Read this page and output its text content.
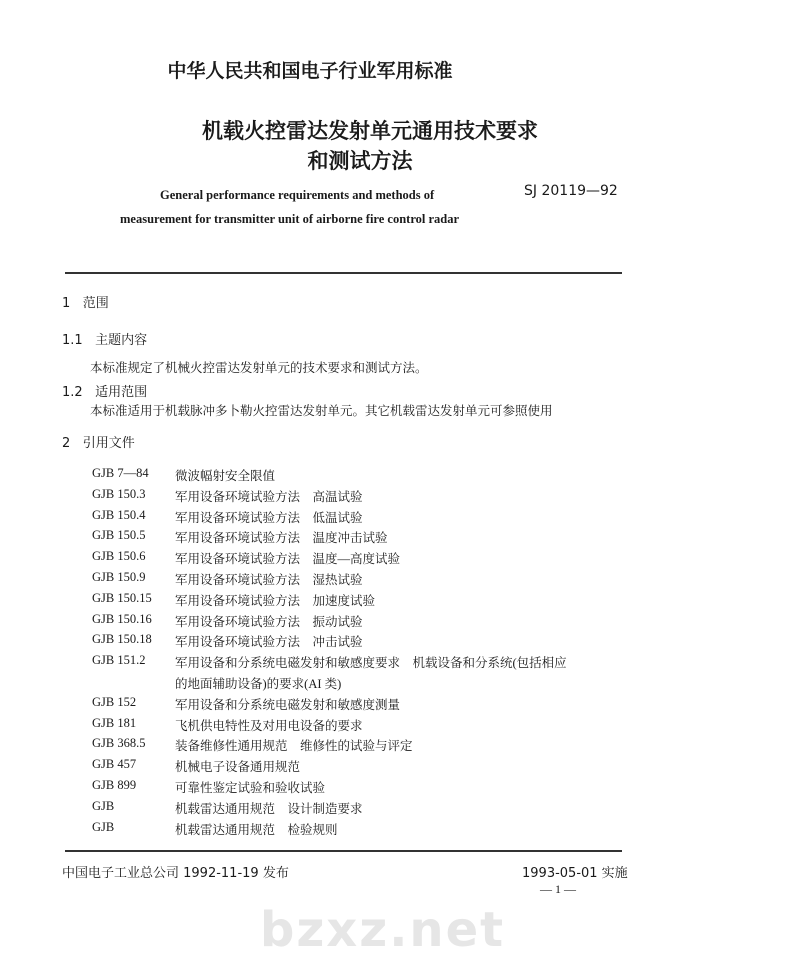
中华人民共和国电子行业军用标准
机载火控雷达发射单元通用技术要求
和测试方法
General performance requirements and methods of
measurement for transmitter unit of airborne fire control radar
SJ 20119—92
1 范围
1.1 主题内容
本标准规定了机械火控雷达发射单元的技术要求和测试方法。
1.2 适用范围
本标准适用于机载脉冲多卜勒火控雷达发射单元。其它机载雷达发射单元可参照使用
2 引用文件
GJB 7—84 微波幅射安全限值
GJB 150.3 军用设备环境试验方法　高温试验
GJB 150.4 军用设备环境试验方法　低温试验
GJB 150.5 军用设备环境试验方法　温度冲击试验
GJB 150.6 军用设备环境试验方法　温度—高度试验
GJB 150.9 军用设备环境试验方法　湿热试验
GJB 150.15 军用设备环境试验方法　加速度试验
GJB 150.16 军用设备环境试验方法　振动试验
GJB 150.18 军用设备环境试验方法　冲击试验
GJB 151.2 军用设备和分系统电磁发射和敏感度要求　机载设备和分系统(包括相应
的地面辅助设备)的要求(AI 类)
GJB 152	军用设备和分系统电磁发射和敏感度测量
GJB 181	飞机供电特性及对用电设备的要求
GJB 368.5 装备维修性通用规范　维修性的试验与评定
GJB 457	机械电子设备通用规范
GJB 899	可靠性鉴定试验和验收试验
GJB	机载雷达通用规范　设计制造要求
GJB	机载雷达通用规范　检验规则
中国电子工业总公司 1992-11-19 发布	1993-05-01 实施
— 1 —
bzxz.net
